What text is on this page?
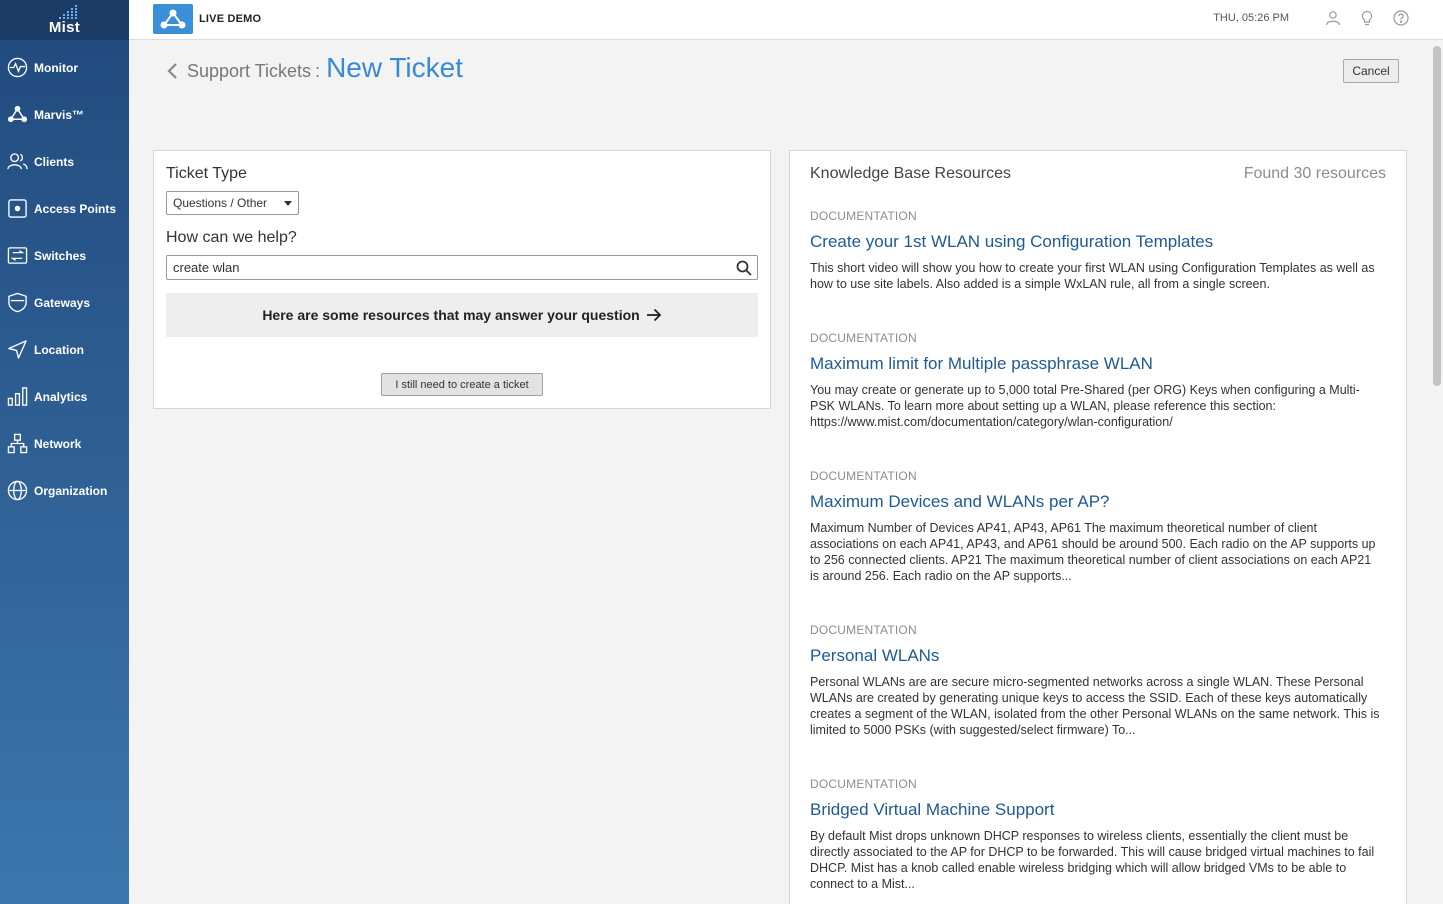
Mist
Monitor
Marvis™
Clients
Access Points
Switches
Gateways
Location
Analytics
Network
Organization
LIVE DEMO	THU, 05:26 PM
Support Tickets : New Ticket	Cancel
Ticket Type
Questions / Other
How can we help?
create wlan
Here are some resources that may answer your question
I still need to create a ticket
Knowledge Base Resources	Found 30 resources
DOCUMENTATION
Create your 1st WLAN using Configuration Templates
This short video will show you how to create your first WLAN using Configuration Templates as well as how to use site labels. Also added is a simple WxLAN rule, all from a single screen.
DOCUMENTATION
Maximum limit for Multiple passphrase WLAN
You may create or generate up to 5,000 total Pre-Shared (per ORG) Keys when configuring a Multi-PSK WLANs. To learn more about setting up a WLAN, please reference this section: https://www.mist.com/documentation/category/wlan-configuration/
DOCUMENTATION
Maximum Devices and WLANs per AP?
Maximum Number of Devices AP41, AP43, AP61 The maximum theoretical number of client associations on each AP41, AP43, and AP61 should be around 500. Each radio on the AP supports up to 256 connected clients. AP21 The maximum theoretical number of client associations on each AP21 is around 256. Each radio on the AP supports...
DOCUMENTATION
Personal WLANs
Personal WLANs are are secure micro-segmented networks across a single WLAN. These Personal WLANs are created by generating unique keys to access the SSID. Each of these keys automatically creates a segment of the WLAN, isolated from the other Personal WLANs on the same network. This is limited to 5000 PSKs (with suggested/select firmware) To...
DOCUMENTATION
Bridged Virtual Machine Support
By default Mist drops unknown DHCP responses to wireless clients, essentially the client must be directly associated to the AP for DHCP to be forwarded. This will cause bridged virtual machines to fail DHCP. Mist has a knob called enable wireless bridging which will allow bridged VMs to be able to connect to a Mist...
